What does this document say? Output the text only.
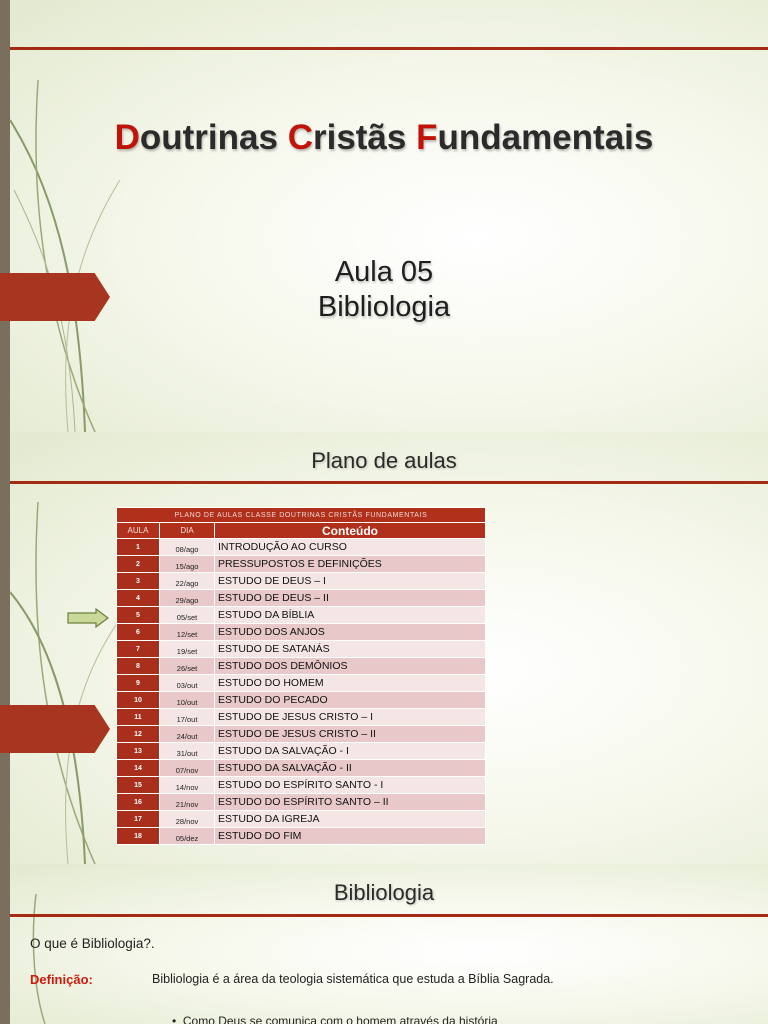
Doutrinas Cristãs Fundamentais
Aula 05
Bibliologia
Plano de aulas
PLANO DE AULAS CLASSE DOUTRINAS CRISTÃS FUNDAMENTAIS		
AULA	DIA	Conteúdo
1	08/ago	INTRODUÇÃO AO CURSO
2	15/ago	PRESSUPOSTOS E DEFINIÇÕES
3	22/ago	ESTUDO DE DEUS – I
4	29/ago	ESTUDO DE DEUS – II
5	05/set	ESTUDO DA BÍBLIA
6	12/set	ESTUDO DOS ANJOS
7	19/set	ESTUDO DE SATANÁS
8	26/set	ESTUDO DOS DEMÔNIOS
9	03/out	ESTUDO DO HOMEM
10	10/out	ESTUDO DO PECADO
11	17/out	ESTUDO DE JESUS CRISTO – I
12	24/out	ESTUDO DE JESUS CRISTO – II
13	31/out	ESTUDO DA SALVAÇÃO - I
14	07/nov	ESTUDO DA SALVAÇÃO - II
15	14/nov	ESTUDO DO ESPÍRITO SANTO - I
16	21/nov	ESTUDO DO ESPÍRITO SANTO – II
17	28/nov	ESTUDO DA IGREJA
18	05/dez	ESTUDO DO FIM
Bibliologia
O que é Bibliologia?.
Definição:	Bibliologia é a área da teologia sistemática que estuda a Bíblia Sagrada.
•  Como Deus se comunica com o homem através da história
